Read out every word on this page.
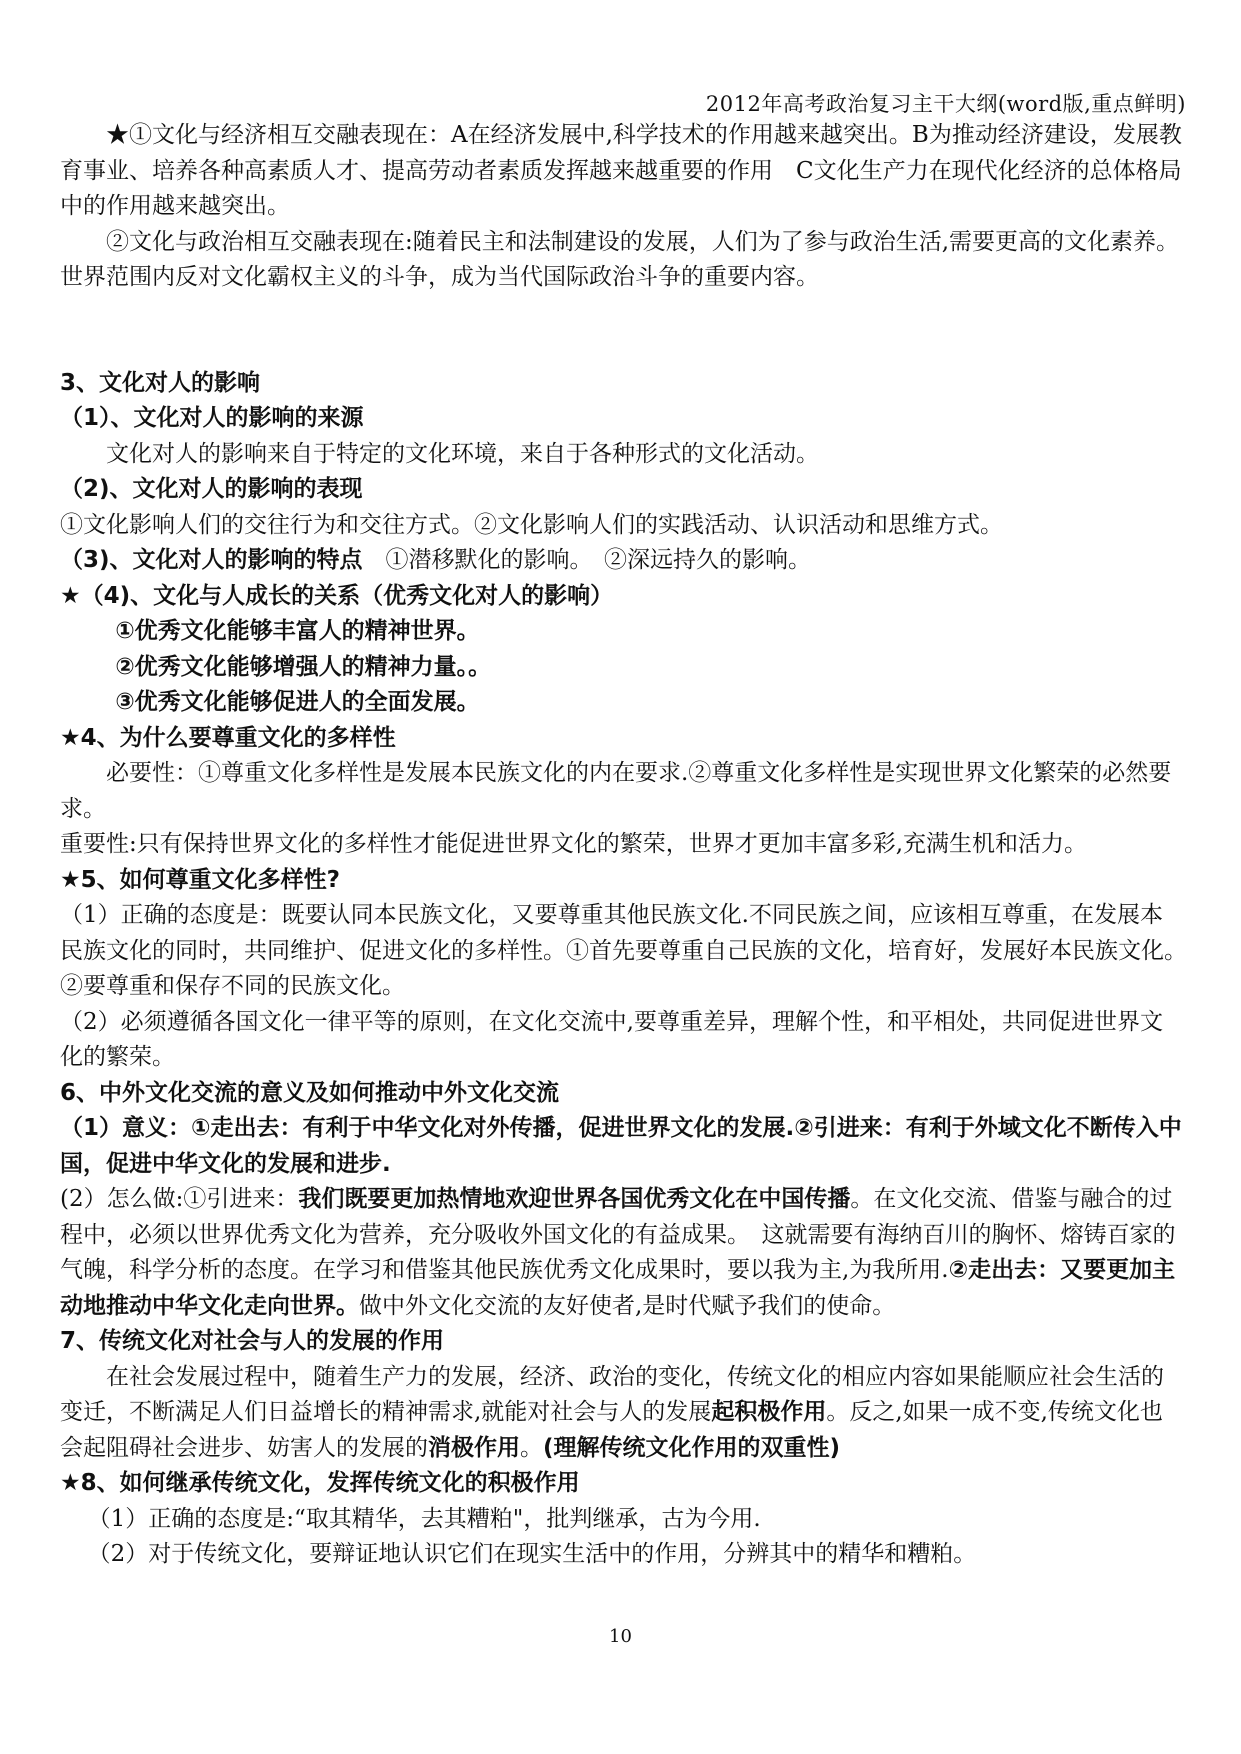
2012年高考政治复习主干大纲(word版,重点鲜明)

★①文化与经济相互交融表现在：A在经济发展中,科学技术的作用越来越突出。B为推动经济建设，发展教育事业、培养各种高素质人才、提高劳动者素质发挥越来越重要的作用　C文化生产力在现代化经济的总体格局中的作用越来越突出。

②文化与政治相互交融表现在:随着民主和法制建设的发展，人们为了参与政治生活,需要更高的文化素养。世界范围内反对文化霸权主义的斗争，成为当代国际政治斗争的重要内容。

3、文化对人的影响

（1）、文化对人的影响的来源

文化对人的影响来自于特定的文化环境，来自于各种形式的文化活动。

（2)、文化对人的影响的表现

①文化影响人们的交往行为和交往方式。②文化影响人们的实践活动、认识活动和思维方式。

（3)、文化对人的影响的特点　①潜移默化的影响。　②深远持久的影响。

★（4)、文化与人成长的关系（优秀文化对人的影响）

①优秀文化能够丰富人的精神世界。

②优秀文化能够增强人的精神力量。。

③优秀文化能够促进人的全面发展。

★4、为什么要尊重文化的多样性

必要性：①尊重文化多样性是发展本民族文化的内在要求.②尊重文化多样性是实现世界文化繁荣的必然要求。

重要性:只有保持世界文化的多样性才能促进世界文化的繁荣，世界才更加丰富多彩,充满生机和活力。

★5、如何尊重文化多样性?

（1）正确的态度是：既要认同本民族文化，又要尊重其他民族文化.不同民族之间，应该相互尊重，在发展本民族文化的同时，共同维护、促进文化的多样性。①首先要尊重自己民族的文化，培育好，发展好本民族文化。　②要尊重和保存不同的民族文化。

（2）必须遵循各国文化一律平等的原则，在文化交流中,要尊重差异，理解个性，和平相处，共同促进世界文化的繁荣。

6、中外文化交流的意义及如何推动中外文化交流

（1）意义：①走出去：有利于中华文化对外传播，促进世界文化的发展.②引进来：有利于外域文化不断传入中国，促进中华文化的发展和进步.

(2）怎么做:①引进来：我们既要更加热情地欢迎世界各国优秀文化在中国传播。在文化交流、借鉴与融合的过程中，必须以世界优秀文化为营养，充分吸收外国文化的有益成果。　这就需要有海纳百川的胸怀、熔铸百家的气魄，科学分析的态度。在学习和借鉴其他民族优秀文化成果时，要以我为主,为我所用.②走出去：又要更加主动地推动中华文化走向世界。做中外文化交流的友好使者,是时代赋予我们的使命。

7、传统文化对社会与人的发展的作用

在社会发展过程中，随着生产力的发展，经济、政治的变化，传统文化的相应内容如果能顺应社会生活的变迁，不断满足人们日益增长的精神需求,就能对社会与人的发展起积极作用。反之,如果一成不变,传统文化也会起阻碍社会进步、妨害人的发展的消极作用。(理解传统文化作用的双重性)

★8、如何继承传统文化，发挥传统文化的积极作用

（1）正确的态度是:“取其精华，去其糟粕"，批判继承，古为今用.

（2）对于传统文化，要辩证地认识它们在现实生活中的作用，分辨其中的精华和糟粕。

10
